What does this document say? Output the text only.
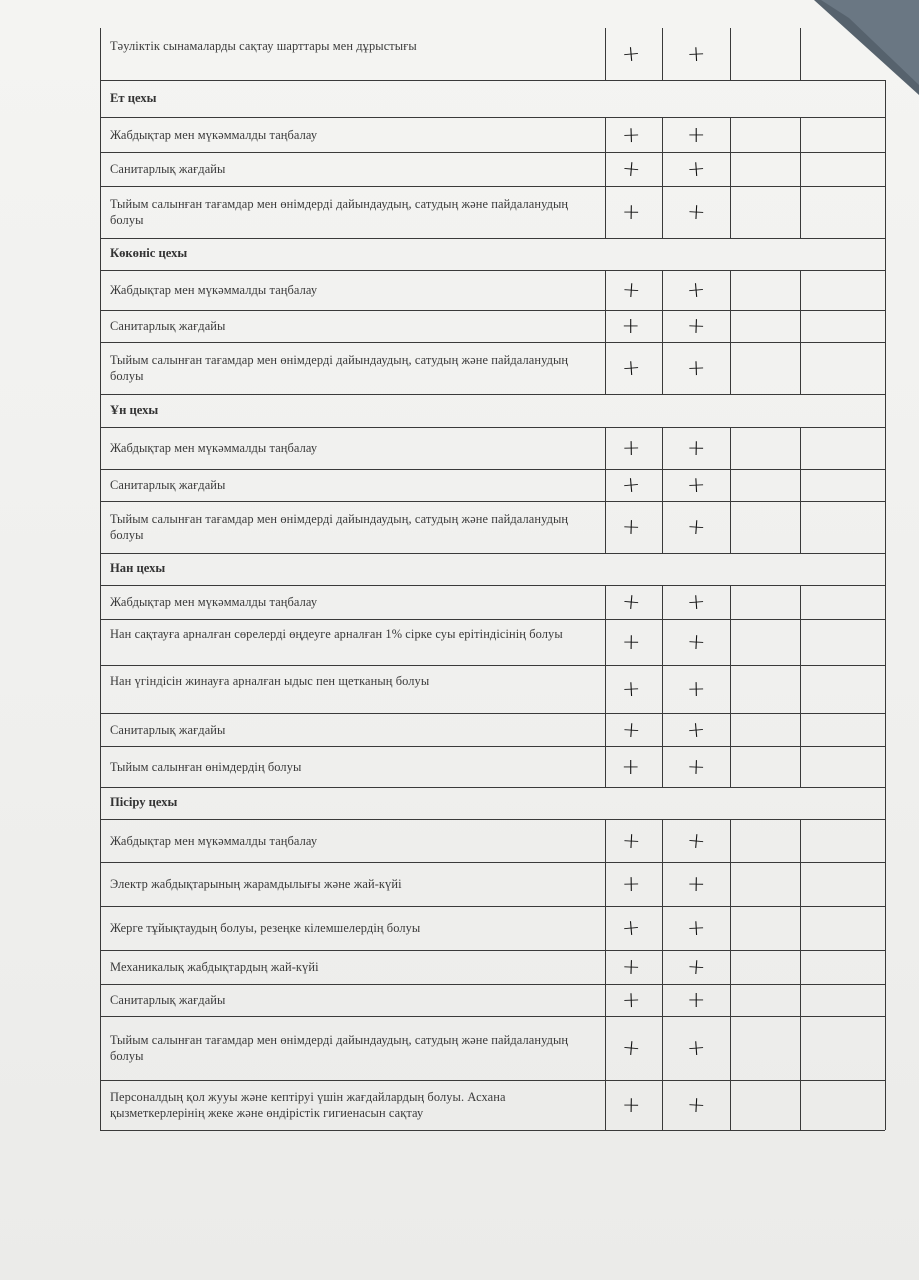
Тәуліктік сынамаларды сақтау шарттары мен дұрыстығы	+ +
Ет цехы
Жабдықтар мен мүкәммалды таңбалау	+ +
Санитарлық жағдайы	+ +
Тыйым салынған тағамдар мен өнімдерді дайындаудың, сатудың және пайдаланудың болуы	+ +
Көкөніс цехы
Жабдықтар мен мүкәммалды таңбалау	+ +
Санитарлық жағдайы	+ +
Тыйым салынған тағамдар мен өнімдерді дайындаудың, сатудың және пайдаланудың болуы	+ +
Ұн цехы
Жабдықтар мен мүкәммалды таңбалау	+ +
Санитарлық жағдайы	+ +
Тыйым салынған тағамдар мен өнімдерді дайындаудың, сатудың және пайдаланудың болуы	+ +
Нан цехы
Жабдықтар мен мүкәммалды таңбалау	+ +
Нан сақтауға арналған сөрелерді өңдеуге арналған 1% сірке суы ерітіндісінің болуы	+ +
Нан үгіндісін жинауға арналған ыдыс пен щетканың болуы	+ +
Санитарлық жағдайы	+ +
Тыйым салынған өнімдердің болуы	+ +
Пісіру цехы
Жабдықтар мен мүкәммалды таңбалау	+ +
Электр жабдықтарының жарамдылығы және жай-күйі	+ +
Жерге тұйықтаудың болуы, резеңке кілемшелердің болуы	+ +
Механикалық жабдықтардың жай-күйі	+ +
Санитарлық жағдайы	+ +
Тыйым салынған тағамдар мен өнімдерді дайындаудың, сатудың және пайдаланудың болуы	+ +
Персоналдың қол жууы және кептіруі үшін жағдайлардың болуы. Асхана қызметкерлерінің жеке және өндірістік гигиенасын сақтау	+ +
